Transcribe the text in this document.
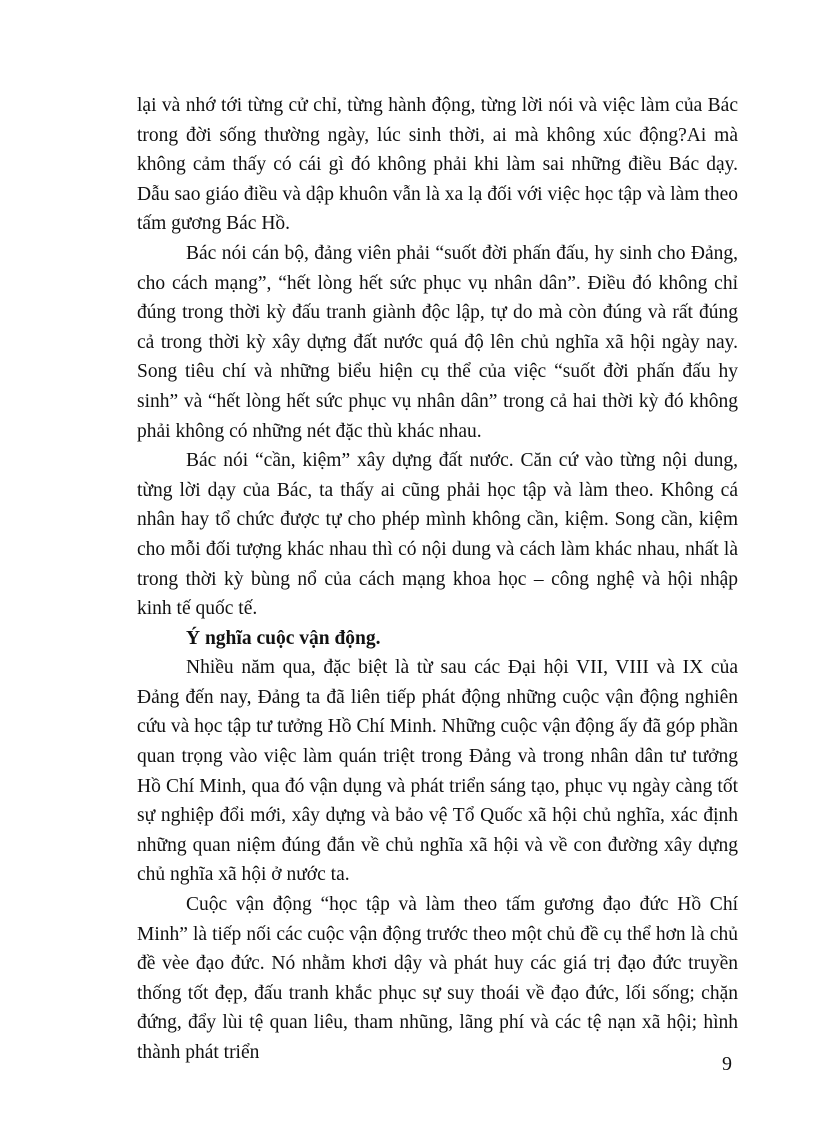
lại và nhớ tới từng cử chỉ, từng hành động, từng lời nói và việc làm của Bác trong đời sống thường ngày, lúc sinh thời, ai mà không xúc động?Ai mà không cảm thấy có cái gì đó không phải khi làm sai những điều Bác dạy. Dẫu sao giáo điều và dập khuôn vẫn là xa lạ đối với việc học tập và làm theo tấm gương Bác Hồ.

Bác nói cán bộ, đảng viên phải “suốt đời phấn đấu, hy sinh cho Đảng, cho cách mạng”, “hết lòng hết sức phục vụ nhân dân”. Điều đó không chỉ đúng trong thời kỳ đấu tranh giành độc lập, tự do mà còn đúng và rất đúng cả trong thời kỳ xây dựng đất nước quá độ lên chủ nghĩa xã hội ngày nay. Song tiêu chí và những biểu hiện cụ thể của việc “suốt đời phấn đấu hy sinh” và “hết lòng hết sức phục vụ nhân dân” trong cả hai thời kỳ đó không phải không có những nét đặc thù khác nhau.

Bác nói “cần, kiệm” xây dựng đất nước. Căn cứ vào từng nội dung, từng lời dạy của Bác, ta thấy ai cũng phải học tập và làm theo. Không cá nhân hay tổ chức được tự cho phép mình không cần, kiệm. Song cần, kiệm cho mỗi đối tượng khác nhau thì có nội dung và cách làm khác nhau, nhất là trong thời kỳ bùng nổ của cách mạng khoa học – công nghệ và hội nhập kinh tế quốc tế.

Ý nghĩa cuộc vận động.

Nhiều năm qua, đặc biệt là từ sau các Đại hội VII, VIII và IX của Đảng đến nay, Đảng ta đã liên tiếp phát động những cuộc vận động nghiên cứu và học tập tư tưởng Hồ Chí Minh. Những cuộc vận động ấy đã góp phần quan trọng vào việc làm quán triệt trong Đảng và trong nhân dân tư tưởng Hồ Chí Minh, qua đó vận dụng và phát triển sáng tạo, phục vụ ngày càng tốt sự nghiệp đổi mới, xây dựng và bảo vệ Tổ Quốc xã hội chủ nghĩa, xác định những quan niệm đúng đắn về chủ nghĩa xã hội và về con đường xây dựng chủ nghĩa xã hội ở nước ta.

Cuộc vận động “học tập và làm theo tấm gương đạo đức Hồ Chí Minh” là tiếp nối các cuộc vận động trước theo một chủ đề cụ thể hơn là chủ đề vèe đạo đức. Nó nhằm khơi dậy và phát huy các giá trị đạo đức truyền thống tốt đẹp, đấu tranh khắc phục sự suy thoái về đạo đức, lối sống; chặn đứng, đẩy lùi tệ quan liêu, tham nhũng, lãng phí và các tệ nạn xã hội; hình thành phát triển

9
